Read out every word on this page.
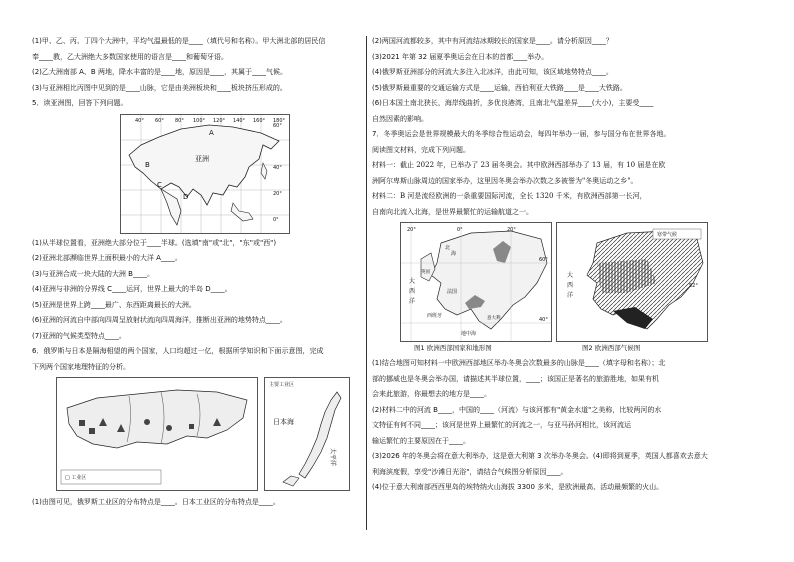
(1)甲、乙、丙、丁四个大洲中，平均气温最低的是____（填代号和名称）。甲大洲北部的居民信
奉____教，乙大洲绝大多数国家使用的语言是____和葡萄牙语。
(2)乙大洲南部 A、B 两地，降水丰富的是____地，原因是____，其属于____气候。
(3)与亚洲相比丙图中见到的是____山脉，它是由美洲板块和____板块挤压形成的。
5．读亚洲图，回答下列问题。
亚洲
B
C
D
A
60°
40°
20°
0°
40° 60° 80° 100° 120° 140° 160° 180°
(1)从半球位置看，亚洲绝大部分位于____半球。(选填"南"或"北"，"东"或"西")
(2)亚洲北部濒临世界上面积最小的大洋 A____。
(3)与亚洲合成一块大陆的大洲 B____。
(4)亚洲与非洲的分界线 C____运河，世界上最大的半岛 D____。
(5)亚洲是世界上跨____最广、东西距离最长的大洲。
(6)亚洲的河流自中部向四周呈放射状流向四周海洋，推断出亚洲的地势特点____。
(7)亚洲的气候类型特点____。
6．俄罗斯与日本是隔海相望的两个国家，人口均超过一亿，根据所学知识和下面示意图，完成
下列两个国家地理特征的分析。
□ 工业区
主要工业区
日本海
太平洋
(1)由图可见，俄罗斯工业区的分布特点是____。日本工业区的分布特点是____。
(2)两国河流都较多，其中有河流结冰期较长的国家是____。请分析原因____？
(3)2021 年第 32 届夏季奥运会在日本的首都____举办。
(4)俄罗斯亚洲部分的河流大多注入北冰洋，由此可知，该区域地势特点____。
(5)俄罗斯最重要的交通运输方式是____运输，西伯利亚大铁路____是____大铁路。
(6)日本国土南北狭长，海岸线曲折，多优良港湾，且南北气温差异____(大小)，主要受____
自然因素的影响。
7．冬季奥运会是世界规模最大的冬季综合性运动会，每四年举办一届，参与国分布在世界各地。
阅读图文材料，完成下列问题。
材料一：截止 2022 年，已举办了 23 届冬奥会。其中欧洲西部举办了 13 届，有 10 届是在欧
洲阿尔卑斯山脉周边的国家举办，这里因冬奥会举办次数之多被誉为"冬奥运动之乡"。
材料二：B 河是流经欧洲的一条重要国际河流，全长 1320 千米，有欧洲西部第一长河，
自南向北流入北海，是世界最繁忙的运输航道之一。
20°	0°	20°
60°
40°
大
西
洋
北
海
英国
法国
西班牙
地中海
意大利
寒带气候
52°
大
西
洋
图1 欧洲西部国家和地形图	图2 欧洲西部气候图
(1)结合地图可知材料一中欧洲西部地区举办冬奥会次数最多的山脉是____（填字母和名称）；北
部的挪威也是冬奥会举办国，请描述其半球位置，____；该国正是著名的旅游胜地，如果有机
会来此旅游，你最想去的地方是____。
(2)材料二中的河流 B____，中国的____（河流）与该河都有"黄金水道"之美称，比较两河的水
文特征有何不同____；该河是世界上最繁忙的河流之一，与亚马孙河相比，该河流运
输运繁忙的主要原因在于____。
(3)2026 年的冬奥会将在意大利举办，这是意大利第 3 次举办冬奥会。(4)即将到夏季，英国人都喜欢去意大
利海滨度假，享受"沙滩日光浴"，请结合气候图分析原因____。
(4)位于意大利南部西西里岛的埃特纳火山海拔 3300 多米，是欧洲最高、活动最频繁的火山。
